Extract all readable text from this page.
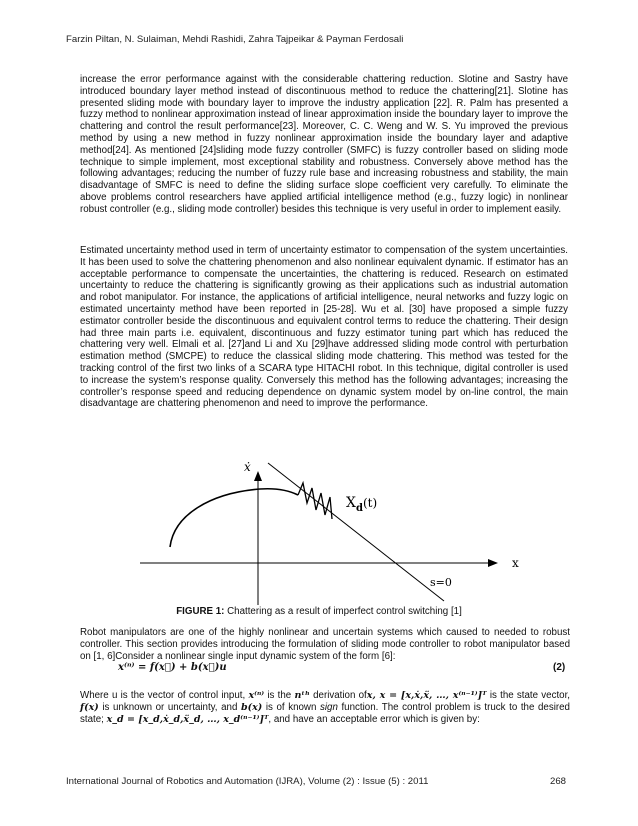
Farzin Piltan, N. Sulaiman, Mehdi Rashidi, Zahra Tajpeikar & Payman Ferdosali

increase the error performance against with the considerable chattering reduction. Slotine and Sastry have introduced boundary layer method instead of discontinuous method to reduce the chattering[21]. Slotine has presented sliding mode with boundary layer to improve the industry application [22]. R. Palm has presented a fuzzy method to nonlinear approximation instead of linear approximation inside the boundary layer to improve the chattering and control the result performance[23]. Moreover, C. C. Weng and W. S. Yu improved the previous method by using a new method in fuzzy nonlinear approximation inside the boundary layer and adaptive method[24]. As mentioned [24]sliding mode fuzzy controller (SMFC) is fuzzy controller based on sliding mode technique to simple implement, most exceptional stability and robustness. Conversely above method has the following advantages; reducing the number of fuzzy rule base and increasing robustness and stability, the main disadvantage of SMFC is need to define the sliding surface slope coefficient very carefully. To eliminate the above problems control researchers have applied artificial intelligence method (e.g., fuzzy logic) in nonlinear robust controller (e.g., sliding mode controller) besides this technique is very useful in order to implement easily.

Estimated uncertainty method used in term of uncertainty estimator to compensation of the system uncertainties. It has been used to solve the chattering phenomenon and also nonlinear equivalent dynamic. If estimator has an acceptable performance to compensate the uncertainties, the chattering is reduced. Research on estimated uncertainty to reduce the chattering is significantly growing as their applications such as industrial automation and robot manipulator. For instance, the applications of artificial intelligence, neural networks and fuzzy logic on estimated uncertainty method have been reported in [25-28]. Wu et al. [30] have proposed a simple fuzzy estimator controller beside the discontinuous and equivalent control terms to reduce the chattering. Their design had three main parts i.e. equivalent, discontinuous and fuzzy estimator tuning part which has reduced the chattering very well. Elmali et al. [27]and Li and Xu [29]have addressed sliding mode control with perturbation estimation method (SMCPE) to reduce the classical sliding mode chattering. This method was tested for the tracking control of the first two links of a SCARA type HITACHI robot. In this technique, digital controller is used to increase the system’s response quality. Conversely this method has the following advantages; increasing the controller’s response speed and reducing dependence on dynamic system model by on-line control, the main disadvantage are chattering phenomenon and need to improve the performance.

ẋ
x
$X_d(t)$
s=0
FIGURE 1: Chattering as a result of imperfect control switching [1]

Robot manipulators are one of the highly nonlinear and uncertain systems which caused to needed to robust controller. This section provides introducing the formulation of sliding mode controller to robot manipulator based on [1, 6]Consider a nonlinear single input dynamic system of the form [6]:

x⁽ⁿ⁾ = f(x⃗) + b(x⃗)u	(2)

Where u is the vector of control input, x⁽ⁿ⁾ is the nᵗʰ derivation ofx, x = [x,ẋ,ẍ, …, x⁽ⁿ⁻¹⁾]ᵀ is the state vector, f(x) is unknown or uncertainty, and b(x) is of known sign function. The control problem is truck to the desired state; x_d = [x_d,ẋ_d,ẍ_d, …, x_d⁽ⁿ⁻¹⁾]ᵀ, and have an acceptable error which is given by:

International Journal of Robotics and Automation (IJRA), Volume (2) : Issue (5) : 2011	268
